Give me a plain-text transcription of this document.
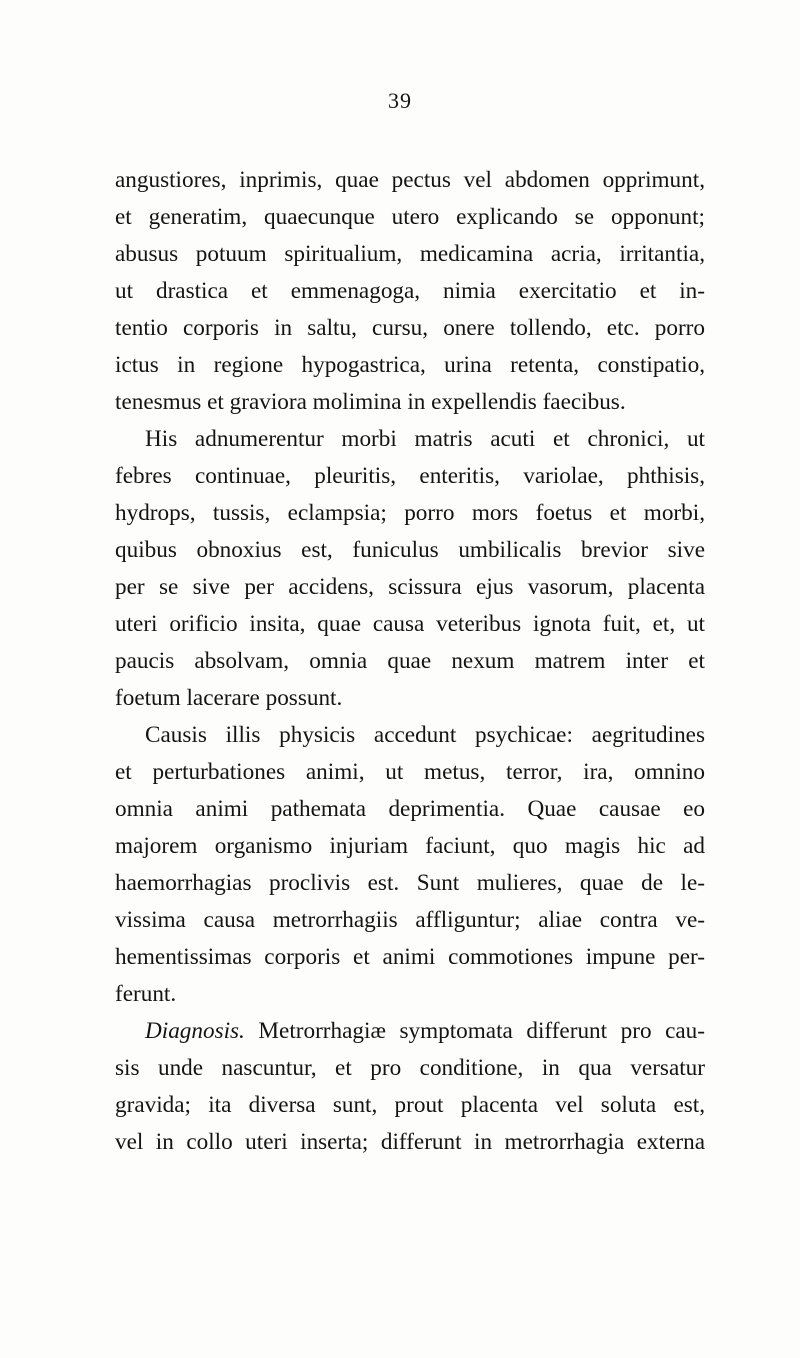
39
angustiores, inprimis, quae pectus vel abdomen opprimunt,
et generatim, quaecunque utero explicando se opponunt;
abusus potuum spiritualium, medicamina acria, irritantia,
ut drastica et emmenagoga, nimia exercitatio et in-
tentio corporis in saltu, cursu, onere tollendo, etc. porro
ictus in regione hypogastrica, urina retenta, constipatio,
tenesmus et graviora molimina in expellendis faecibus.
His adnumerentur morbi matris acuti et chronici, ut
febres continuae, pleuritis, enteritis, variolae, phthisis,
hydrops, tussis, eclampsia; porro mors foetus et morbi,
quibus obnoxius est, funiculus umbilicalis brevior sive
per se sive per accidens, scissura ejus vasorum, placenta
uteri orificio insita, quae causa veteribus ignota fuit, et, ut
paucis absolvam, omnia quae nexum matrem inter et
foetum lacerare possunt.
Causis illis physicis accedunt psychicae: aegritudines
et perturbationes animi, ut metus, terror, ira, omnino
omnia animi pathemata deprimentia. Quae causae eo
majorem organismo injuriam faciunt, quo magis hic ad
haemorrhagias proclivis est. Sunt mulieres, quae de le-
vissima causa metrorrhagiis affliguntur; aliae contra ve-
hementissimas corporis et animi commotiones impune per-
ferunt.
Diagnosis. Metrorrhagiæ symptomata differunt pro cau-
sis unde nascuntur, et pro conditione, in qua versatur
gravida; ita diversa sunt, prout placenta vel soluta est,
vel in collo uteri inserta; differunt in metrorrhagia externa
